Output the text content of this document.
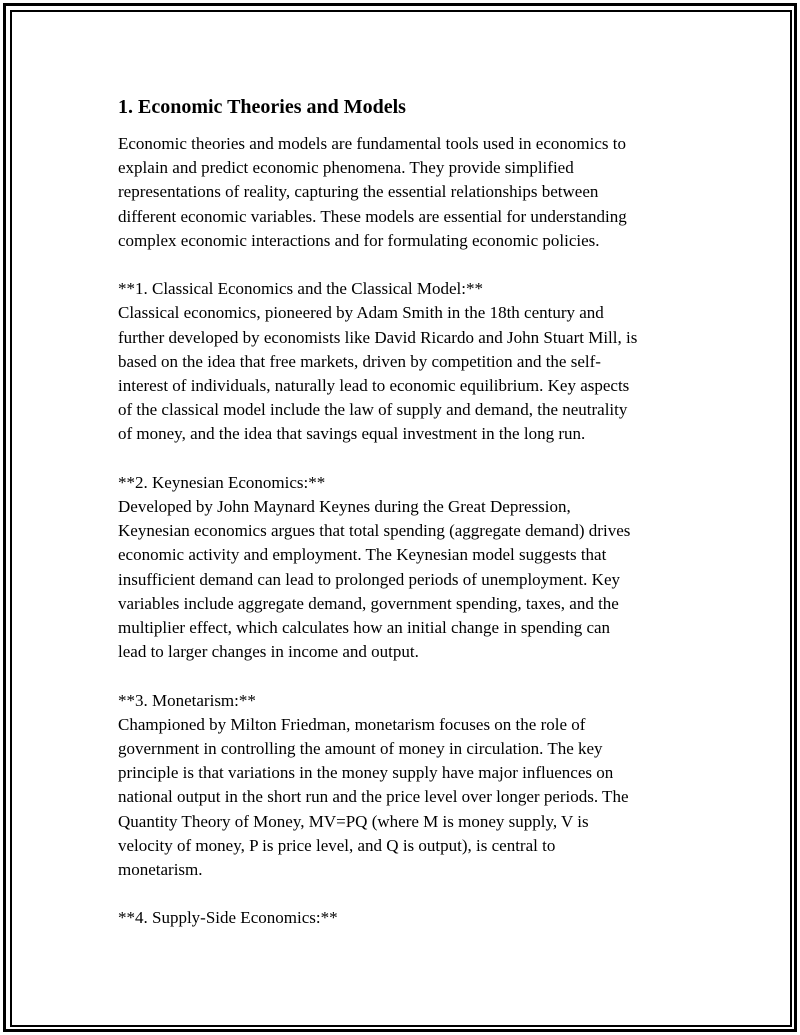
1. Economic Theories and Models
Economic theories and models are fundamental tools used in economics to
explain and predict economic phenomena. They provide simplified
representations of reality, capturing the essential relationships between
different economic variables. These models are essential for understanding
complex economic interactions and for formulating economic policies.
**1. Classical Economics and the Classical Model:**
Classical economics, pioneered by Adam Smith in the 18th century and
further developed by economists like David Ricardo and John Stuart Mill, is
based on the idea that free markets, driven by competition and the self-
interest of individuals, naturally lead to economic equilibrium. Key aspects
of the classical model include the law of supply and demand, the neutrality
of money, and the idea that savings equal investment in the long run.
**2. Keynesian Economics:**
Developed by John Maynard Keynes during the Great Depression,
Keynesian economics argues that total spending (aggregate demand) drives
economic activity and employment. The Keynesian model suggests that
insufficient demand can lead to prolonged periods of unemployment. Key
variables include aggregate demand, government spending, taxes, and the
multiplier effect, which calculates how an initial change in spending can
lead to larger changes in income and output.
**3. Monetarism:**
Championed by Milton Friedman, monetarism focuses on the role of
government in controlling the amount of money in circulation. The key
principle is that variations in the money supply have major influences on
national output in the short run and the price level over longer periods. The
Quantity Theory of Money, MV=PQ (where M is money supply, V is
velocity of money, P is price level, and Q is output), is central to
monetarism.
**4. Supply-Side Economics:**
